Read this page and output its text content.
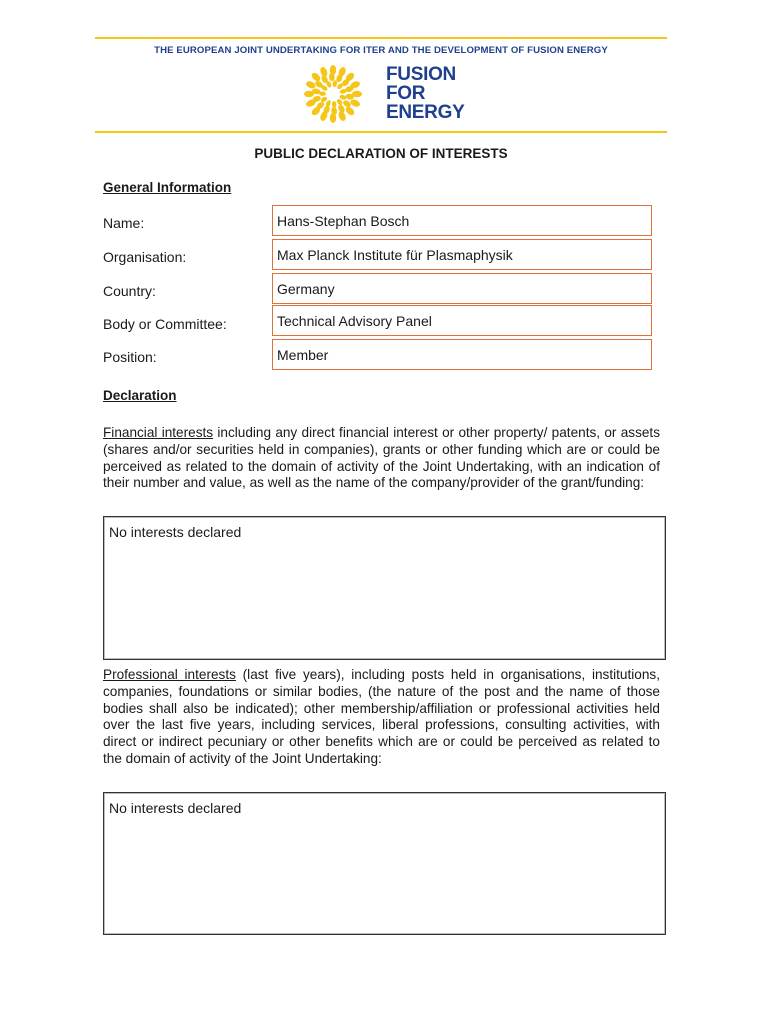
THE EUROPEAN JOINT UNDERTAKING FOR ITER AND THE DEVELOPMENT OF FUSION ENERGY
FUSION
FOR
ENERGY
PUBLIC DECLARATION OF INTERESTS
General Information
Name:	Hans-Stephan Bosch
Organisation:	Max Planck Institute für Plasmaphysik
Country:	Germany
Body or Committee:	Technical Advisory Panel
Position:	Member
Declaration
Financial interests including any direct financial interest or other property/ patents, or assets (shares and/or securities held in companies), grants or other funding which are or could be perceived as related to the domain of activity of the Joint Undertaking, with an indication of their number and value, as well as the name of the company/provider of the grant/funding:
No interests declared
Professional interests (last five years), including posts held in organisations, institutions, companies, foundations or similar bodies, (the nature of the post and the name of those bodies shall also be indicated); other membership/affiliation or professional activities held over the last five years, including services, liberal professions, consulting activities, with direct or indirect pecuniary or other benefits which are or could be perceived as related to the domain of activity of the Joint Undertaking:
No interests declared
